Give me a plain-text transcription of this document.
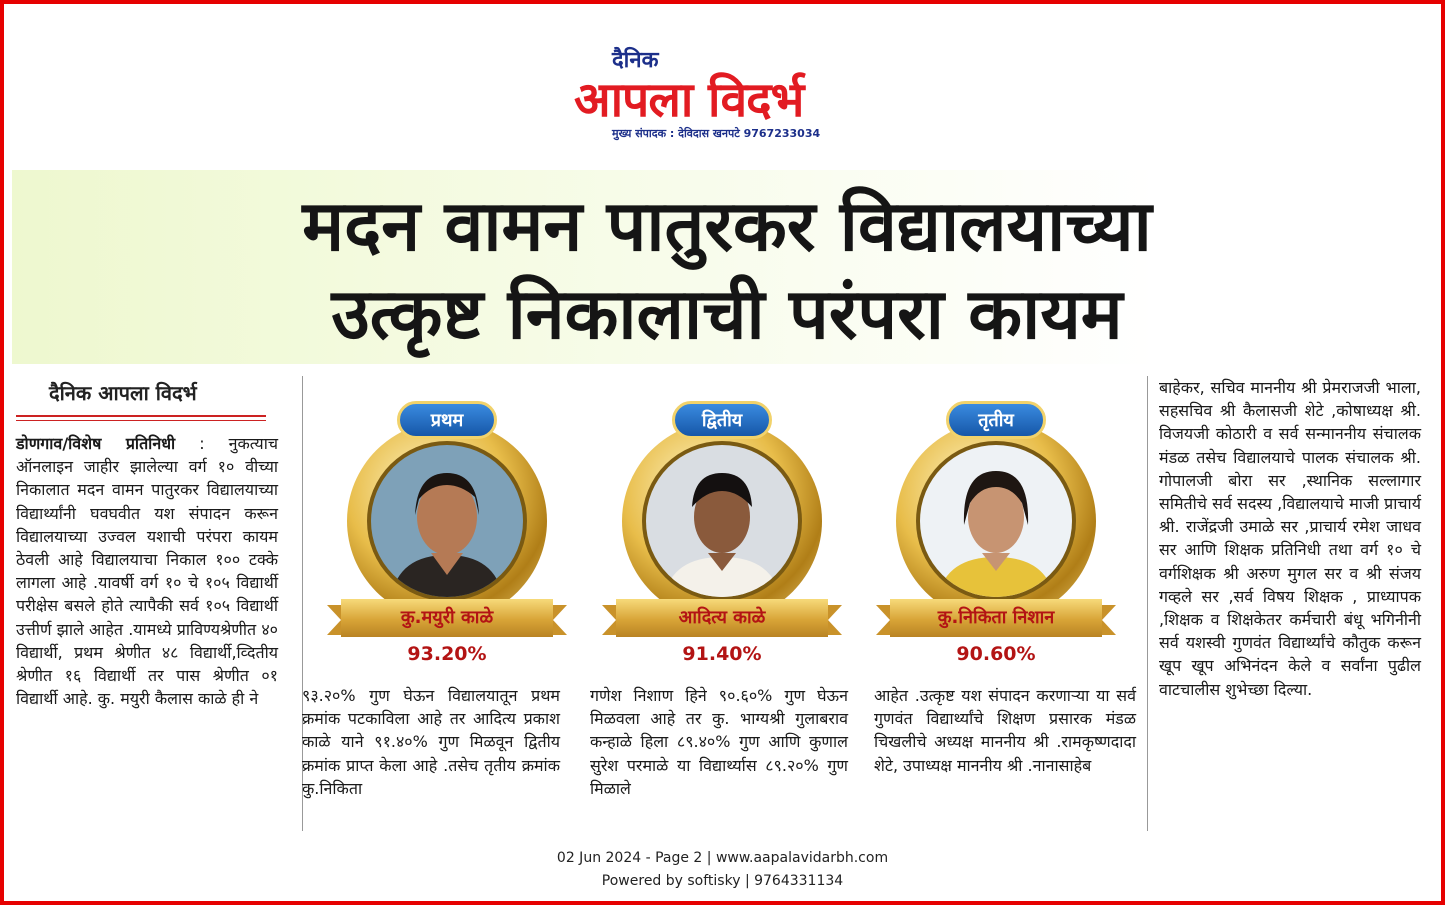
दैनिक
आपला विदर्भ
मुख्य संपादक : देविदास खनपटे 9767233034
मदन वामन पातुरकर विद्यालयाच्या
उत्कृष्ट निकालाची परंपरा कायम
दैनिक आपला विदर्भ
डोणगाव/विशेष प्रतिनिधी : नुकत्याच ऑनलाइन जाहीर झालेल्या वर्ग १० वीच्या निकालात मदन वामन पातुरकर विद्यालयाच्या विद्यार्थ्यांनी घवघवीत यश संपादन करून विद्यालयाच्या उज्वल यशाची परंपरा कायम ठेवली आहे विद्यालयाचा निकाल १०० टक्के लागला आहे .यावर्षी वर्ग १० चे १०५ विद्यार्थी परीक्षेस बसले होते त्यापैकी सर्व १०५ विद्यार्थी उत्तीर्ण झाले आहेत .यामध्ये प्राविण्यश्रेणीत ४० विद्यार्थी, प्रथम श्रेणीत ४८ विद्यार्थी,व्दितीय श्रेणीत १६ विद्यार्थी तर पास श्रेणीत ०१ विद्यार्थी आहे. कु. मयुरी कैलास काळे ही ने
प्रथम
कु.मयुरी काळे
93.20%
द्वितीय
आदित्य काळे
91.40%
तृतीय
कु.निकिता निशान
90.60%
९३.२०% गुण घेऊन विद्यालयातून प्रथम क्रमांक पटकाविला आहे तर आदित्य प्रकाश काळे याने ९१.४०% गुण मिळवून द्वितीय क्रमांक प्राप्त केला आहे .तसेच तृतीय क्रमांक कु.निकिता
गणेश निशाण हिने ९०.६०% गुण घेऊन मिळवला आहे तर कु. भाग्यश्री गुलाबराव कन्हाळे हिला ८९.४०% गुण आणि कुणाल सुरेश परमाळे या विद्यार्थ्यास ८९.२०% गुण मिळाले
आहेत .उत्कृष्ट यश संपादन करणाऱ्या या सर्व गुणवंत विद्यार्थ्यांचे शिक्षण प्रसारक मंडळ चिखलीचे अध्यक्ष माननीय श्री .रामकृष्णदादा शेटे, उपाध्यक्ष माननीय श्री .नानासाहेब
बाहेकर, सचिव माननीय श्री प्रेमराजजी भाला, सहसचिव श्री कैलासजी शेटे ,कोषाध्यक्ष श्री. विजयजी कोठारी व सर्व सन्माननीय संचालक मंडळ तसेच विद्यालयाचे पालक संचालक श्री. गोपालजी बोरा सर ,स्थानिक सल्लागार समितीचे सर्व सदस्य ,विद्यालयाचे माजी प्राचार्य श्री. राजेंद्रजी उमाळे सर ,प्राचार्य रमेश जाधव सर आणि शिक्षक प्रतिनिधी तथा वर्ग १० चे वर्गशिक्षक श्री अरुण मुगल सर व श्री संजय गव्हले सर ,सर्व विषय शिक्षक , प्राध्यापक ,शिक्षक व शिक्षकेतर कर्मचारी बंधू भगिनीनी सर्व यशस्वी गुणवंत विद्यार्थ्यांचे कौतुक करून खूप खूप अभिनंदन केले व सर्वांना पुढील वाटचालीस शुभेच्छा दिल्या.
02 Jun 2024 - Page 2 | www.aapalavidarbh.com
Powered by softisky | 9764331134
